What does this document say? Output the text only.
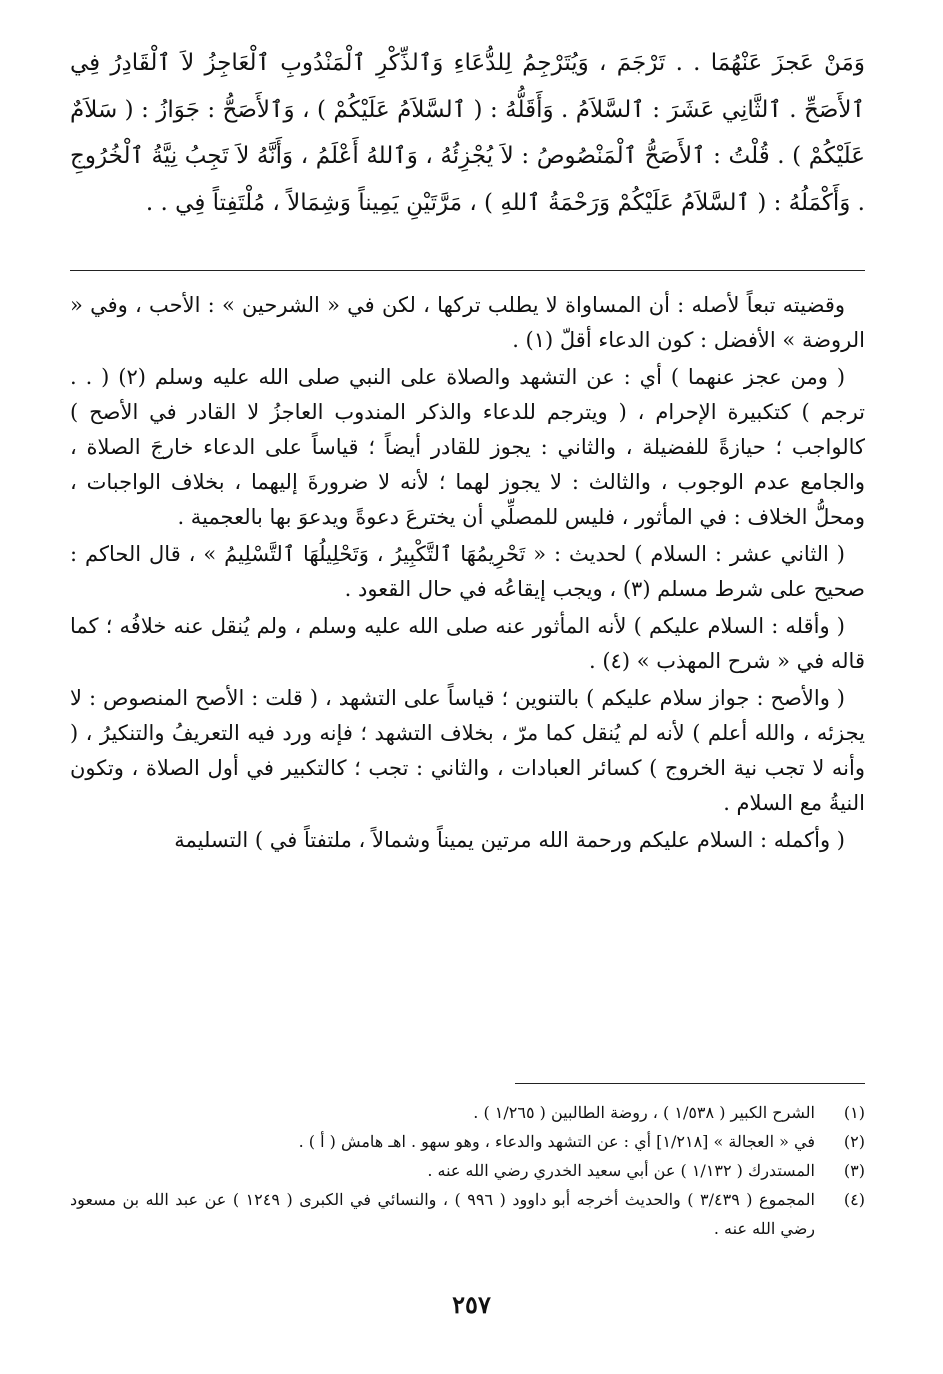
وَمَنْ عَجزَ عَنْهُمَا . . تَرْجَمَ ، وَيُتَرْجِمُ لِلدُّعَاءِ وَٱلذِّكْرِ ٱلْمَنْدُوبِ ٱلْعَاجِزُ لاَ ٱلْقَادِرُ فِي ٱلأَصَحِّ . ٱلثَّانِي عَشَرَ : ٱلسَّلاَمُ . وَأَقَلُّهُ : ( ٱلسَّلاَمُ عَلَيْكُمْ ) ، وَٱلأَصَحُّ : جَوَازُ : ( سَلاَمٌ عَلَيْكُمْ ) . قُلْتُ : ٱلأَصَحُّ ٱلْمَنْصُوصُ : لاَ يُجْزِئُهُ ، وَٱللهُ أَعْلَمُ ، وَأَنَّهُ لاَ تَجِبُ نِيَّةُ ٱلْخُرُوجِ . وَأَكْمَلُهُ : ( ٱلسَّلاَمُ عَلَيْكُمْ وَرَحْمَةُ ٱللهِ ) ، مَرَّتَيْنِ يَمِيناً وَشِمَالاً ، مُلْتَفِتاً فِي . .

وقضيته تبعاً لأصله : أن المساواة لا يطلب تركها ، لكن في « الشرحين » : الأحب ، وفي « الروضة » الأفضل : كون الدعاء أقلّ (١) .

( ومن عجز عنهما ) أي : عن التشهد والصلاة على النبي صلى الله عليه وسلم (٢) ( . . ترجم ) كتكبيرة الإحرام ، ( ويترجم للدعاء والذكر المندوب العاجزُ لا القادر في الأصح ) كالواجب ؛ حيازةً للفضيلة ، والثاني : يجوز للقادر أيضاً ؛ قياساً على الدعاء خارجَ الصلاة ، والجامع عدم الوجوب ، والثالث : لا يجوز لهما ؛ لأنه لا ضرورةَ إليهما ، بخلاف الواجبات ، ومحلُّ الخلاف : في المأثور ، فليس للمصلِّي أن يخترعَ دعوةً ويدعوَ بها بالعجمية .

( الثاني عشر : السلام ) لحديث : « تَحْرِيمُهَا ٱلتَّكْبِيرُ ، وَتَحْلِيلُهَا ٱلتَّسْلِيمُ » ، قال الحاكم : صحيح على شرط مسلم (٣) ، ويجب إيقاعُه في حال القعود .

( وأقله : السلام عليكم ) لأنه المأثور عنه صلى الله عليه وسلم ، ولم يُنقل عنه خلافُه ؛ كما قاله في « شرح المهذب » (٤) .

( والأصح : جواز سلام عليكم ) بالتنوين ؛ قياساً على التشهد ، ( قلت : الأصح المنصوص : لا يجزئه ، والله أعلم ) لأنه لم يُنقل كما مرّ ، بخلاف التشهد ؛ فإنه ورد فيه التعريفُ والتنكيرُ ، ( وأنه لا تجب نية الخروج ) كسائر العبادات ، والثاني : تجب ؛ كالتكبير في أول الصلاة ، وتكون النيةُ مع السلام .

( وأكمله : السلام عليكم ورحمة الله مرتين يميناً وشمالاً ، ملتفتاً في ) التسليمة

(١)
الشرح الكبير ( ١/٥٣٨ ) ، روضة الطالبين ( ١/٢٦٥ ) .
(٢)
في « العجالة » [١/٢١٨] أي : عن التشهد والدعاء ، وهو سهو . اهـ هامش ( أ ) .
(٣)
المستدرك ( ١/١٣٢ ) عن أبي سعيد الخدري رضي الله عنه .
(٤)
المجموع ( ٣/٤٣٩ ) والحديث أخرجه أبو داوود ( ٩٩٦ ) ، والنسائي في الكبرى ( ١٢٤٩ ) عن عبد الله بن مسعود رضي الله عنه .
٢٥٧
